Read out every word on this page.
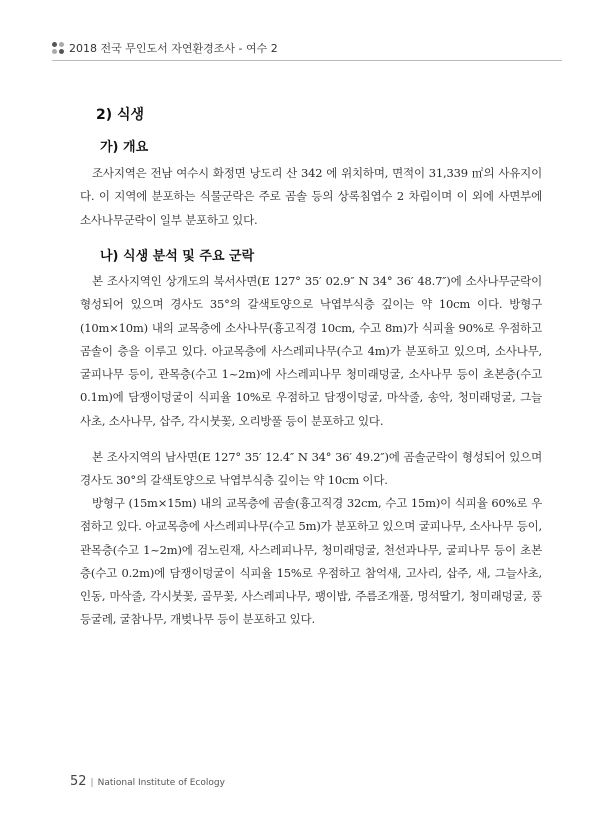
2018 전국 무인도서 자연환경조사 - 여수 2
2) 식생
가) 개요

조사지역은 전남 여수시 화정면 낭도리 산 342 에 위치하며, 면적이 31,339 ㎡의 사유지이다. 이 지역에 분포하는 식물군락은 주로 곰솔 등의 상록침엽수 2 차림이며 이 외에 사면부에 소사나무군락이 일부 분포하고 있다.

나) 식생 분석 및 주요 군락

본 조사지역인 상개도의 북서사면(E 127° 35′ 02.9″ N 34° 36′ 48.7″)에 소사나무군락이 형성되어 있으며 경사도 35°의 갈색토양으로 낙엽부식층 깊이는 약 10cm 이다. 방형구 (10m×10m) 내의 교목층에 소사나무(흉고직경 10cm, 수고 8m)가 식피율 90%로 우점하고 곰솔이 층을 이루고 있다. 아교목층에 사스레피나무(수고 4m)가 분포하고 있으며, 소사나무, 굴피나무 등이, 관목층(수고 1~2m)에 사스레피나무 청미래덩굴, 소사나무 등이 초본층(수고 0.1m)에 담쟁이덩굴이 식피율 10%로 우점하고 담쟁이덩굴, 마삭줄, 송악, 청미래덩굴, 그늘사초, 소사나무, 삽주, 각시붓꽃, 오리방풀 등이 분포하고 있다.

본 조사지역의 남사면(E 127° 35′ 12.4″ N 34° 36′ 49.2″)에 곰솔군락이 형성되어 있으며 경사도 30°의 갈색토양으로 낙엽부식층 깊이는 약 10cm 이다.

방형구 (15m×15m) 내의 교목층에 곰솔(흉고직경 32cm, 수고 15m)이 식피율 60%로 우점하고 있다. 아교목층에 사스레피나무(수고 5m)가 분포하고 있으며 굴피나무, 소사나무 등이, 관목층(수고 1~2m)에 검노린재, 사스레피나무, 청미래덩굴, 천선과나무, 굴피나무 등이 초본층(수고 0.2m)에 담쟁이덩굴이 식피율 15%로 우점하고 참억새, 고사리, 삽주, 새, 그늘사초, 인동, 마삭줄, 각시붓꽃, 골무꽃, 사스레피나무, 팽이밥, 주름조개풀, 멍석딸기, 청미래덩굴, 풍등굴레, 굴참나무, 개벚나무 등이 분포하고 있다.

52 | National Institute of Ecology
